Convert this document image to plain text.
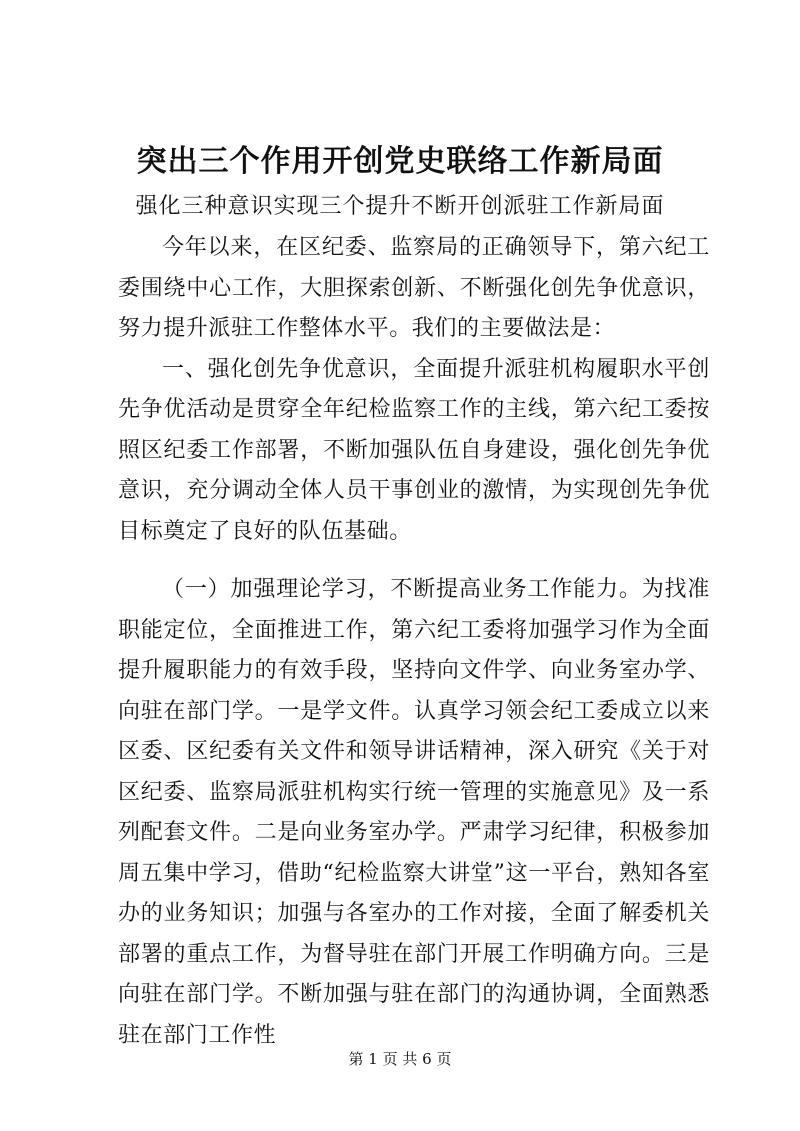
突出三个作用开创党史联络工作新局面
强化三种意识实现三个提升不断开创派驻工作新局面

今年以来，在区纪委、监察局的正确领导下，第六纪工委围绕中心工作，大胆探索创新、不断强化创先争优意识，努力提升派驻工作整体水平。我们的主要做法是：

一、强化创先争优意识，全面提升派驻机构履职水平创先争优活动是贯穿全年纪检监察工作的主线，第六纪工委按照区纪委工作部署，不断加强队伍自身建设，强化创先争优意识，充分调动全体人员干事创业的激情，为实现创先争优目标奠定了良好的队伍基础。

（一）加强理论学习，不断提高业务工作能力。为找准职能定位，全面推进工作，第六纪工委将加强学习作为全面提升履职能力的有效手段，坚持向文件学、向业务室办学、向驻在部门学。一是学文件。认真学习领会纪工委成立以来区委、区纪委有关文件和领导讲话精神，深入研究《关于对区纪委、监察局派驻机构实行统一管理的实施意见》及一系列配套文件。二是向业务室办学。严肃学习纪律，积极参加周五集中学习，借助“纪检监察大讲堂”这一平台，熟知各室办的业务知识；加强与各室办的工作对接，全面了解委机关部署的重点工作，为督导驻在部门开展工作明确方向。三是向驻在部门学。不断加强与驻在部门的沟通协调，全面熟悉驻在部门工作性

第 1 页 共 6 页
